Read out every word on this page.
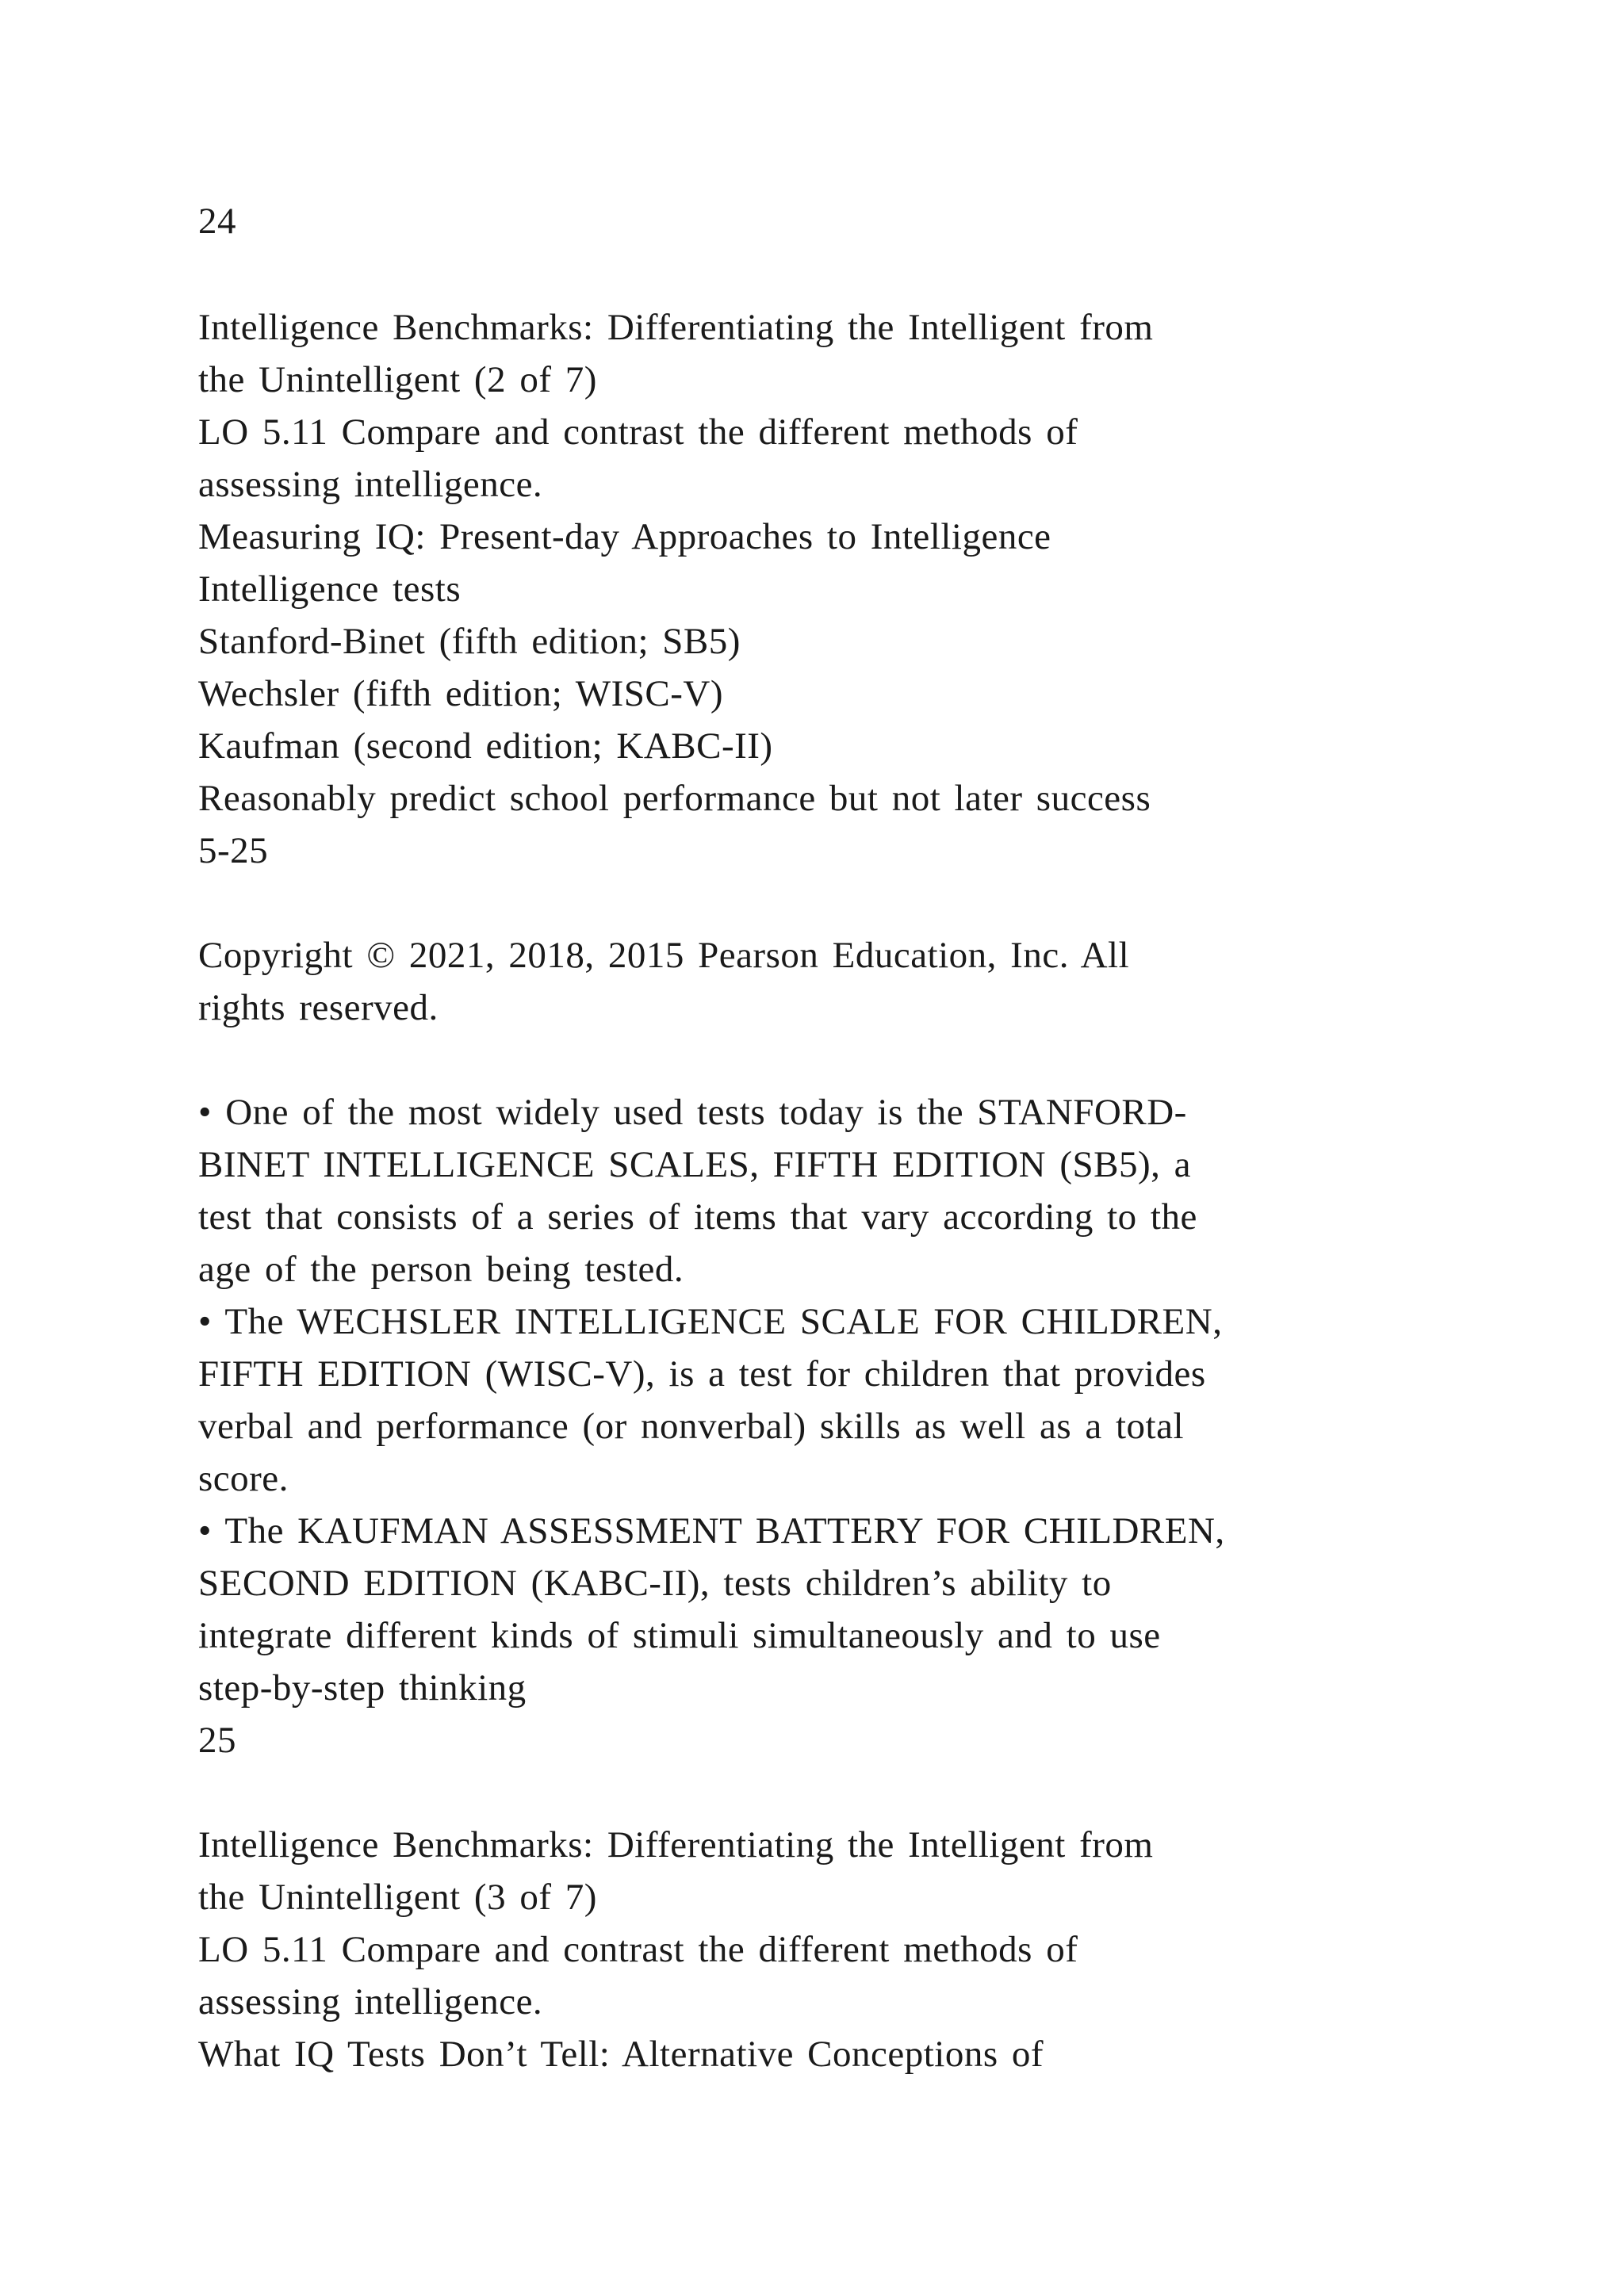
24

Intelligence Benchmarks: Differentiating the Intelligent from

the Unintelligent (2 of 7)

LO 5.11 Compare and contrast the different methods of

assessing intelligence.

Measuring IQ: Present-day Approaches to Intelligence

Intelligence tests

Stanford-Binet (fifth edition; SB5)

Wechsler (fifth edition; WISC-V)

Kaufman (second edition; KABC-II)

Reasonably predict school performance but not later success

5-25

Copyright © 2021, 2018, 2015 Pearson Education, Inc. All

rights reserved.

• One of the most widely used tests today is the STANFORD-

BINET INTELLIGENCE SCALES, FIFTH EDITION (SB5), a

test that consists of a series of items that vary according to the

age of the person being tested.

• The WECHSLER INTELLIGENCE SCALE FOR CHILDREN,

FIFTH EDITION (WISC-V), is a test for children that provides

verbal and performance (or nonverbal) skills as well as a total

score.

• The KAUFMAN ASSESSMENT BATTERY FOR CHILDREN,

SECOND EDITION (KABC-II), tests children’s ability to

integrate different kinds of stimuli simultaneously and to use

step-by-step thinking

25

Intelligence Benchmarks: Differentiating the Intelligent from

the Unintelligent (3 of 7)

LO 5.11 Compare and contrast the different methods of

assessing intelligence.

What IQ Tests Don’t Tell: Alternative Conceptions of
